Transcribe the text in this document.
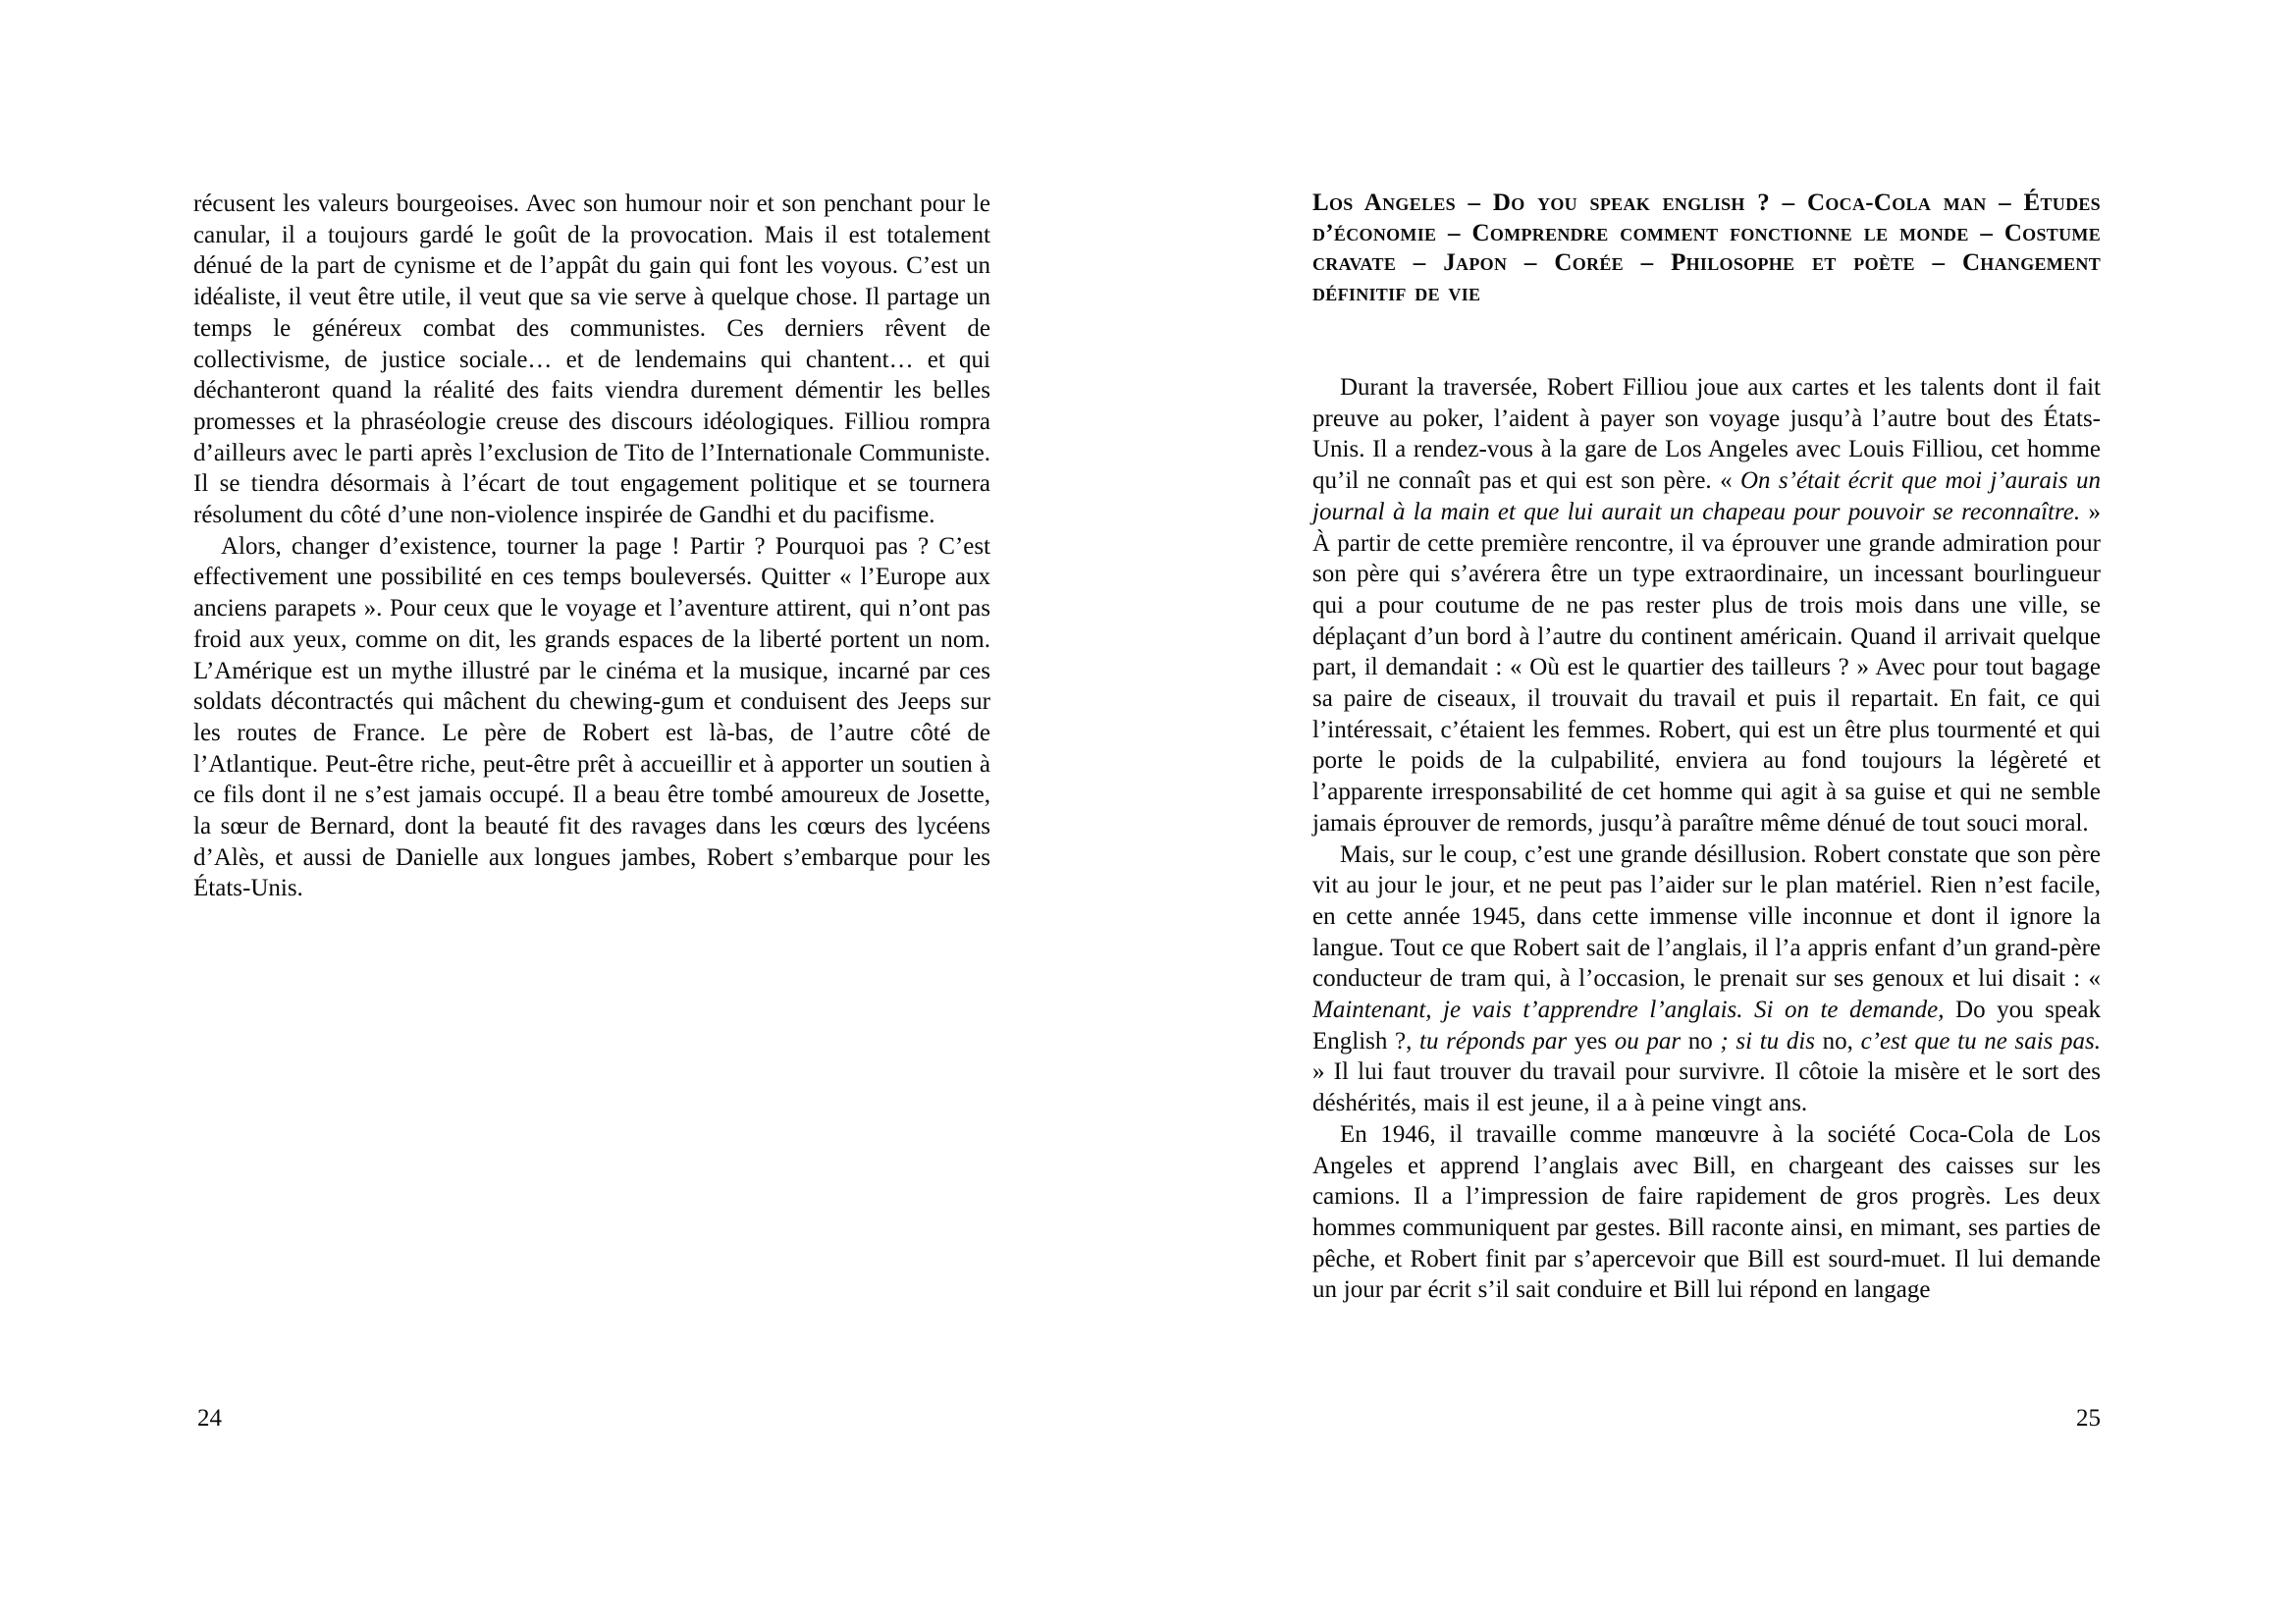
récusent les valeurs bourgeoises. Avec son humour noir et son penchant pour le canular, il a toujours gardé le goût de la provocation. Mais il est totalement dénué de la part de cynisme et de l’appât du gain qui font les voyous. C’est un idéaliste, il veut être utile, il veut que sa vie serve à quelque chose. Il partage un temps le généreux combat des communistes. Ces derniers rêvent de collectivisme, de justice sociale… et de lendemains qui chantent… et qui déchanteront quand la réalité des faits viendra durement démentir les belles promesses et la phraséologie creuse des discours idéologiques. Filliou rompra d’ailleurs avec le parti après l’exclusion de Tito de l’Internationale Communiste. Il se tiendra désormais à l’écart de tout engagement politique et se tournera résolument du côté d’une non-violence inspirée de Gandhi et du pacifisme.

Alors, changer d’existence, tourner la page ! Partir ? Pourquoi pas ? C’est effectivement une possibilité en ces temps bouleversés. Quitter « l’Europe aux anciens parapets ». Pour ceux que le voyage et l’aventure attirent, qui n’ont pas froid aux yeux, comme on dit, les grands espaces de la liberté portent un nom. L’Amérique est un mythe illustré par le cinéma et la musique, incarné par ces soldats décontractés qui mâchent du chewing-gum et conduisent des Jeeps sur les routes de France. Le père de Robert est là-bas, de l’autre côté de l’Atlantique. Peut-être riche, peut-être prêt à accueillir et à apporter un soutien à ce fils dont il ne s’est jamais occupé. Il a beau être tombé amoureux de Josette, la sœur de Bernard, dont la beauté fit des ravages dans les cœurs des lycéens d’Alès, et aussi de Danielle aux longues jambes, Robert s’embarque pour les États-Unis.

24
Los Angeles – Do you speak english ? – Coca-Cola man – Études d’économie – Comprendre comment fonctionne le monde – Costume cravate – Japon – Corée – Philosophe et poète – Changement définitif de vie

Durant la traversée, Robert Filliou joue aux cartes et les talents dont il fait preuve au poker, l’aident à payer son voyage jusqu’à l’autre bout des États-Unis. Il a rendez-vous à la gare de Los Angeles avec Louis Filliou, cet homme qu’il ne connaît pas et qui est son père. « On s’était écrit que moi j’aurais un journal à la main et que lui aurait un chapeau pour pouvoir se reconnaître. » À partir de cette première rencontre, il va éprouver une grande admiration pour son père qui s’avérera être un type extraordinaire, un incessant bourlingueur qui a pour coutume de ne pas rester plus de trois mois dans une ville, se déplaçant d’un bord à l’autre du continent américain. Quand il arrivait quelque part, il demandait : « Où est le quartier des tailleurs ? » Avec pour tout bagage sa paire de ciseaux, il trouvait du travail et puis il repartait. En fait, ce qui l’intéressait, c’étaient les femmes. Robert, qui est un être plus tourmenté et qui porte le poids de la culpabilité, enviera au fond toujours la légèreté et l’apparente irresponsabilité de cet homme qui agit à sa guise et qui ne semble jamais éprouver de remords, jusqu’à paraître même dénué de tout souci moral.

Mais, sur le coup, c’est une grande désillusion. Robert constate que son père vit au jour le jour, et ne peut pas l’aider sur le plan matériel. Rien n’est facile, en cette année 1945, dans cette immense ville inconnue et dont il ignore la langue. Tout ce que Robert sait de l’anglais, il l’a appris enfant d’un grand-père conducteur de tram qui, à l’occasion, le prenait sur ses genoux et lui disait : « Maintenant, je vais t’apprendre l’anglais. Si on te demande, Do you speak English ?, tu réponds par yes ou par no ; si tu dis no, c’est que tu ne sais pas. » Il lui faut trouver du travail pour survivre. Il côtoie la misère et le sort des déshérités, mais il est jeune, il a à peine vingt ans.

En 1946, il travaille comme manœuvre à la société Coca-Cola de Los Angeles et apprend l’anglais avec Bill, en chargeant des caisses sur les camions. Il a l’impression de faire rapidement de gros progrès. Les deux hommes communiquent par gestes. Bill raconte ainsi, en mimant, ses parties de pêche, et Robert finit par s’apercevoir que Bill est sourd-muet. Il lui demande un jour par écrit s’il sait conduire et Bill lui répond en langage

25
